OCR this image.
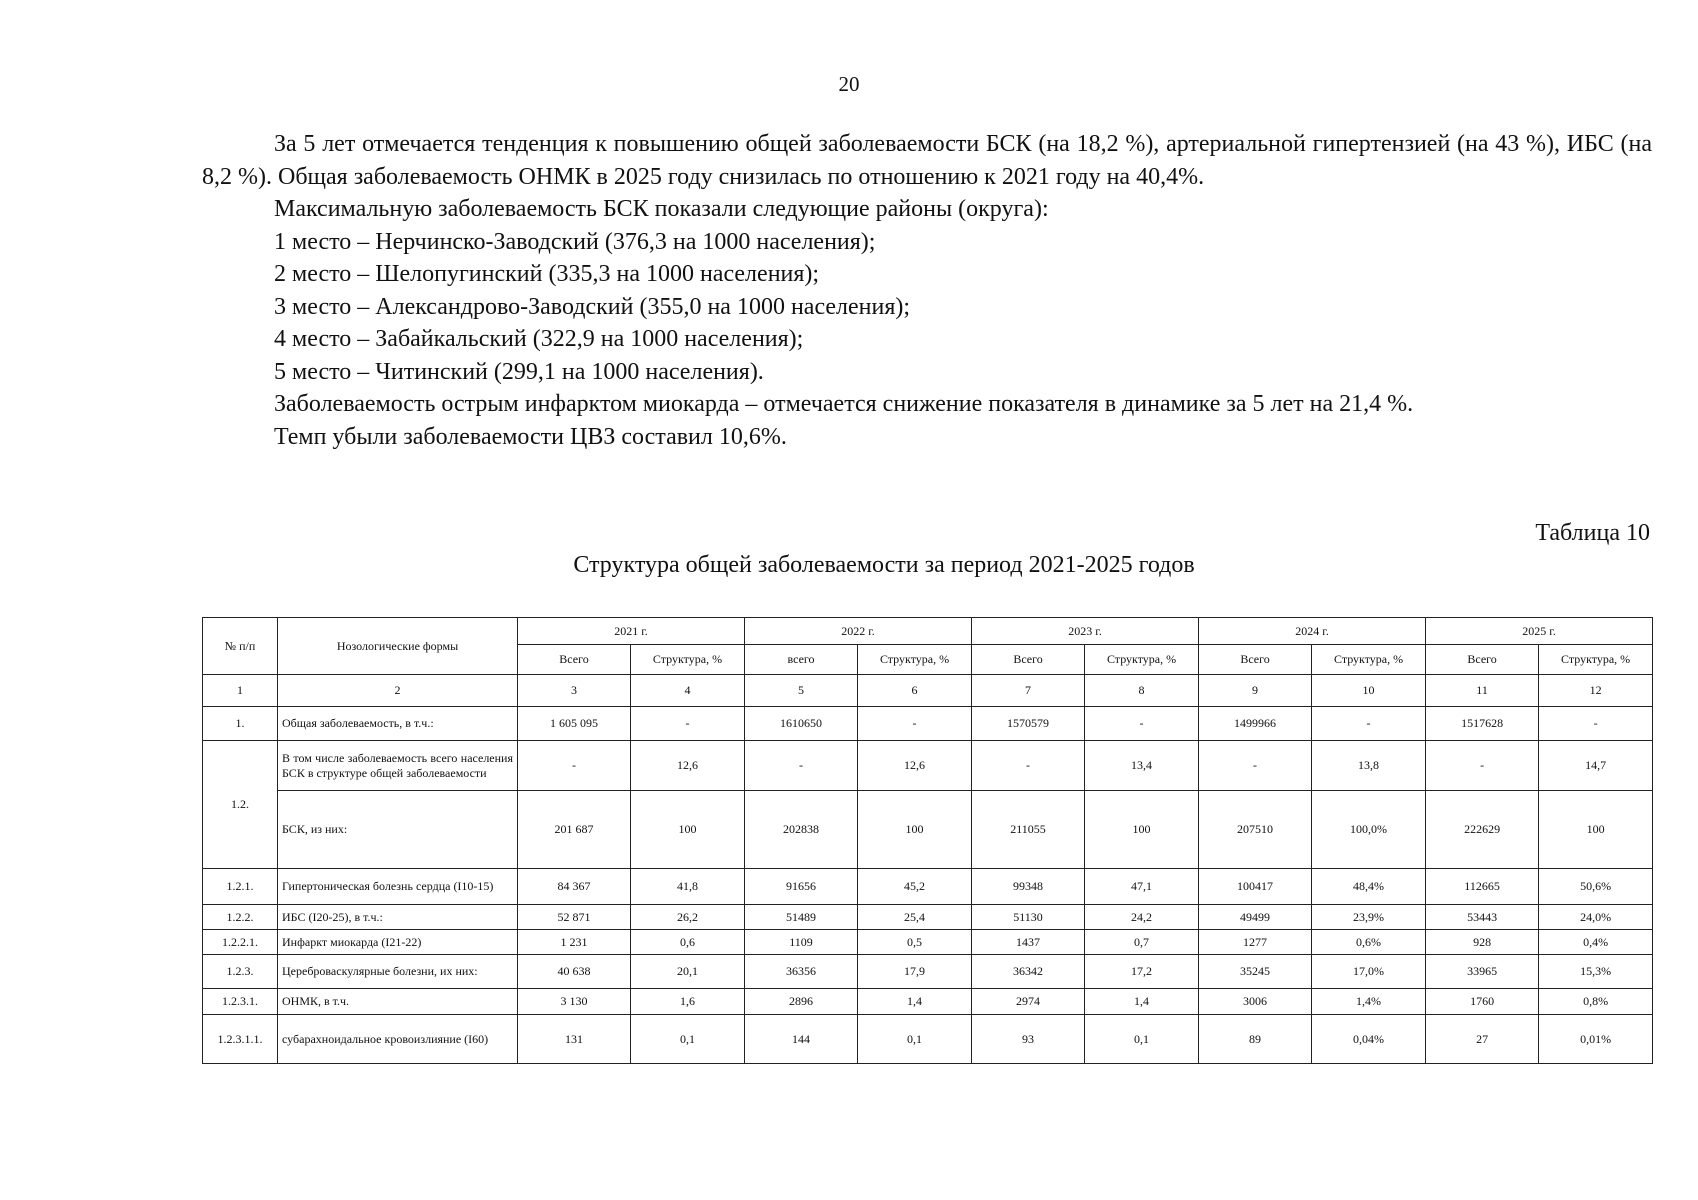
20

За 5 лет отмечается тенденция к повышению общей заболеваемости БСК (на 18,2 %), артериальной гипертензией (на 43 %), ИБС (на 8,2 %). Общая заболеваемость ОНМК в 2025 году снизилась по отношению к 2021 году на 40,4%.

Максимальную заболеваемость БСК показали следующие районы (округа):

1 место – Нерчинско-Заводский (376,3 на 1000 населения);

2 место – Шелопугинский (335,3 на 1000 населения);

3 место – Александрово-Заводский (355,0 на 1000 населения);

4 место – Забайкальский (322,9 на 1000 населения);

5 место – Читинский (299,1 на 1000 населения).

Заболеваемость острым инфарктом миокарда – отмечается снижение показателя в динамике за 5 лет на 21,4 %.

Темп убыли заболеваемости ЦВЗ составил 10,6%.

Таблица 10
Структура общей заболеваемости за период 2021-2025 годов
№ п/п	Нозологические формы	2021 г.		2022 г.		2023 г.		2024 г.		2025 г.	
		Всего	Структура, %	всего	Структура, %	Всего	Структура, %	Всего	Структура, %	Всего	Структура, %
1	2	3	4	5	6	7	8	9	10	11	12
1.	Общая заболеваемость, в т.ч.:	1 605 095	-	1610650	-	1570579	-	1499966	-	1517628	-
1.2.	В том числе заболеваемость всего населения БСК в структуре общей заболеваемости	-	12,6	-	12,6	-	13,4	-	13,8	-	14,7
	БСК, из них:	201 687	100	202838	100	211055	100	207510	100,0%	222629	100
1.2.1.	Гипертоническая болезнь сердца (I10-15)	84 367	41,8	91656	45,2	99348	47,1	100417	48,4%	112665	50,6%
1.2.2.	ИБС (I20-25), в т.ч.:	52 871	26,2	51489	25,4	51130	24,2	49499	23,9%	53443	24,0%
1.2.2.1.	Инфаркт миокарда (I21-22)	1 231	0,6	1109	0,5	1437	0,7	1277	0,6%	928	0,4%
1.2.3.	Цереброваскулярные болезни, их них:	40 638	20,1	36356	17,9	36342	17,2	35245	17,0%	33965	15,3%
1.2.3.1.	ОНМК, в т.ч.	3 130	1,6	2896	1,4	2974	1,4	3006	1,4%	1760	0,8%
1.2.3.1.1.	субарахноидальное кровоизлияние (I60)	131	0,1	144	0,1	93	0,1	89	0,04%	27	0,01%
